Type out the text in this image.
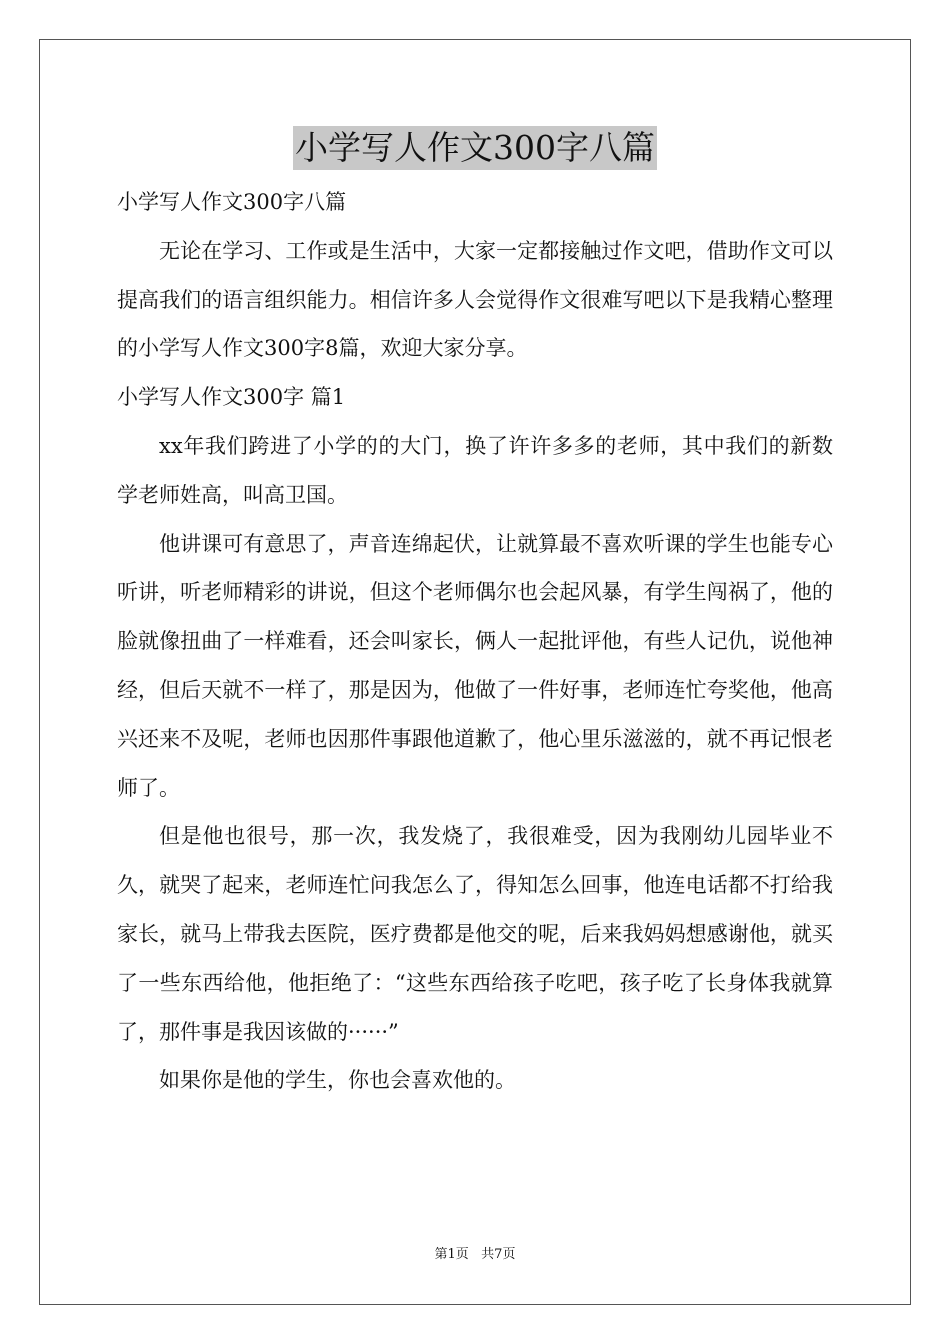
小学写人作文300字八篇

小学写人作文300字八篇

无论在学习、工作或是生活中，大家一定都接触过作文吧，借助作文可以提高我们的语言组织能力。相信许多人会觉得作文很难写吧以下是我精心整理的小学写人作文300字8篇，欢迎大家分享。

小学写人作文300字 篇1

xx年我们跨进了小学的的大门，换了许许多多的老师，其中我们的新数学老师姓高，叫高卫国。

他讲课可有意思了，声音连绵起伏，让就算最不喜欢听课的学生也能专心听讲，听老师精彩的讲说，但这个老师偶尔也会起风暴，有学生闯祸了，他的脸就像扭曲了一样难看，还会叫家长，俩人一起批评他，有些人记仇，说他神经，但后天就不一样了，那是因为，他做了一件好事，老师连忙夸奖他，他高兴还来不及呢，老师也因那件事跟他道歉了，他心里乐滋滋的，就不再记恨老师了。

但是他也很号，那一次，我发烧了，我很难受，因为我刚幼儿园毕业不久，就哭了起来，老师连忙问我怎么了，得知怎么回事，他连电话都不打给我家长，就马上带我去医院，医疗费都是他交的呢，后来我妈妈想感谢他，就买了一些东西给他，他拒绝了：“这些东西给孩子吃吧，孩子吃了长身体我就算了，那件事是我因该做的······”

如果你是他的学生，你也会喜欢他的。

第1页   共7页
